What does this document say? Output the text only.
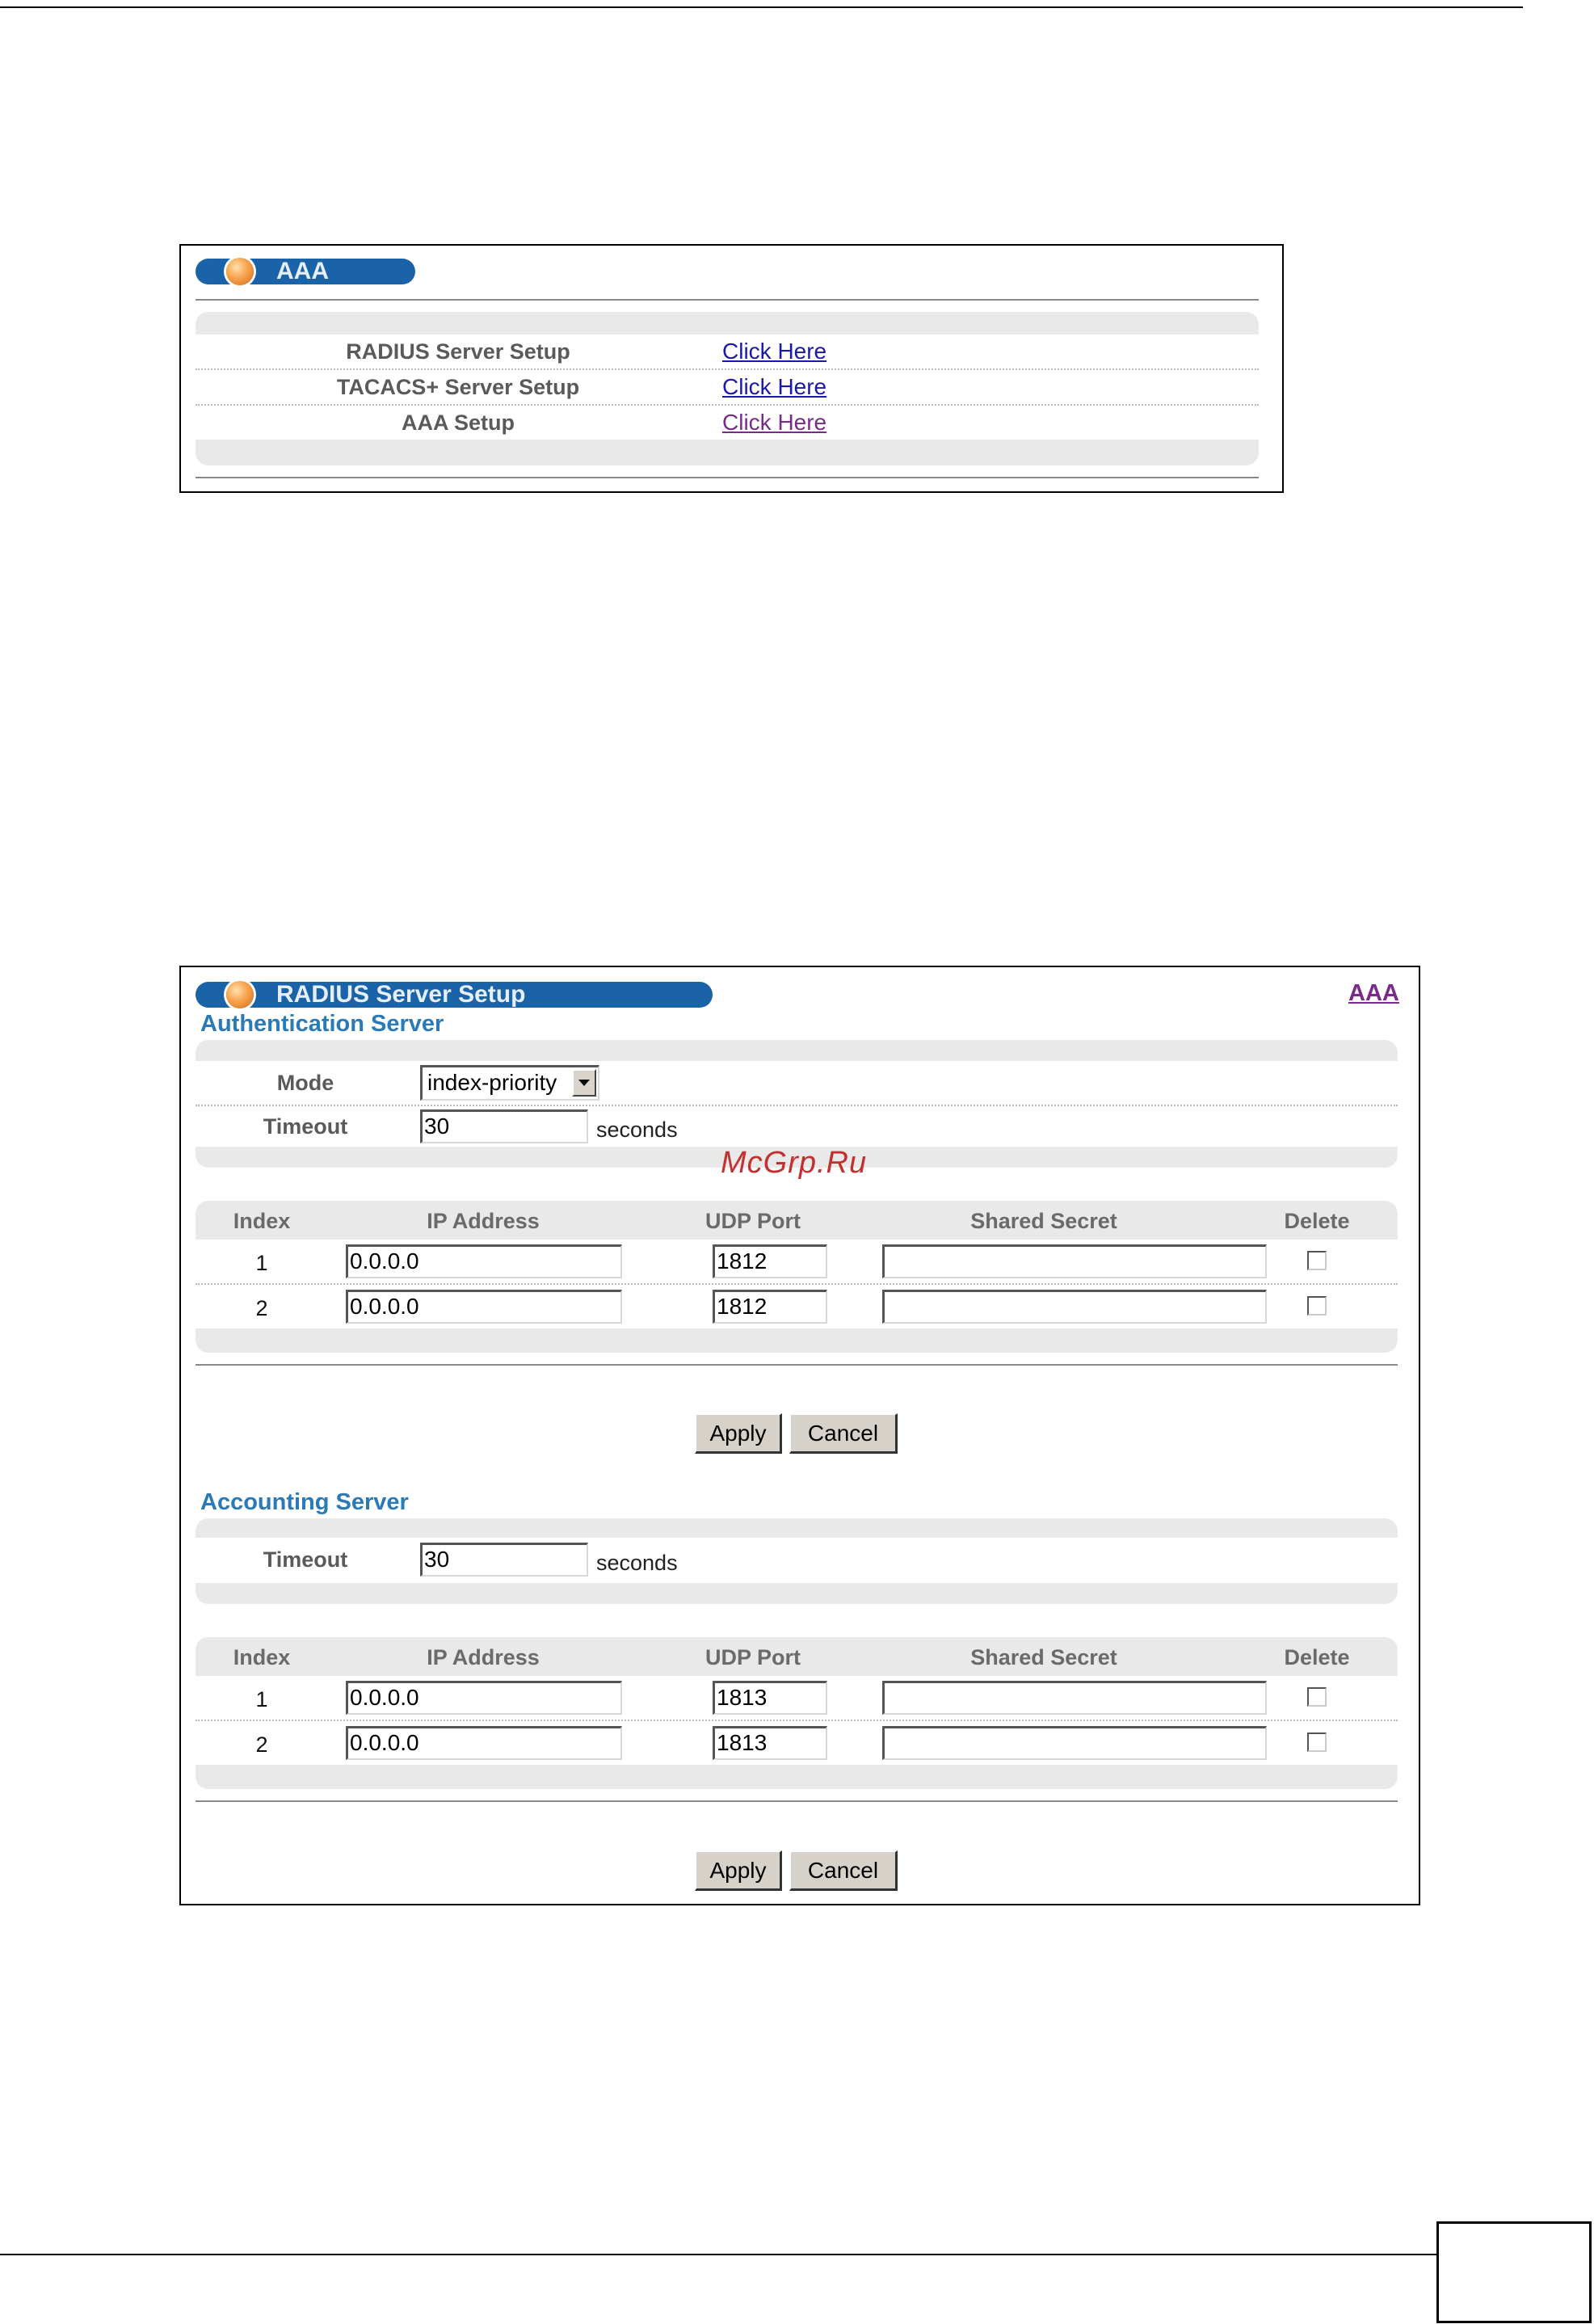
AAA
RADIUS Server Setup	Click Here
TACACS+ Server Setup	Click Here
AAA Setup	Click Here
RADIUS Server Setup	AAA
Authentication Server
Mode	index-priority
Timeout	30	seconds
Index	IP Address	UDP Port	Shared Secret	Delete
1	0.0.0.0	1812
2	0.0.0.0	1812
Apply	Cancel
Accounting Server
Timeout	30	seconds
Index	IP Address	UDP Port	Shared Secret	Delete
1	0.0.0.0	1813
2	0.0.0.0	1813
Apply	Cancel
McGrp.Ru
